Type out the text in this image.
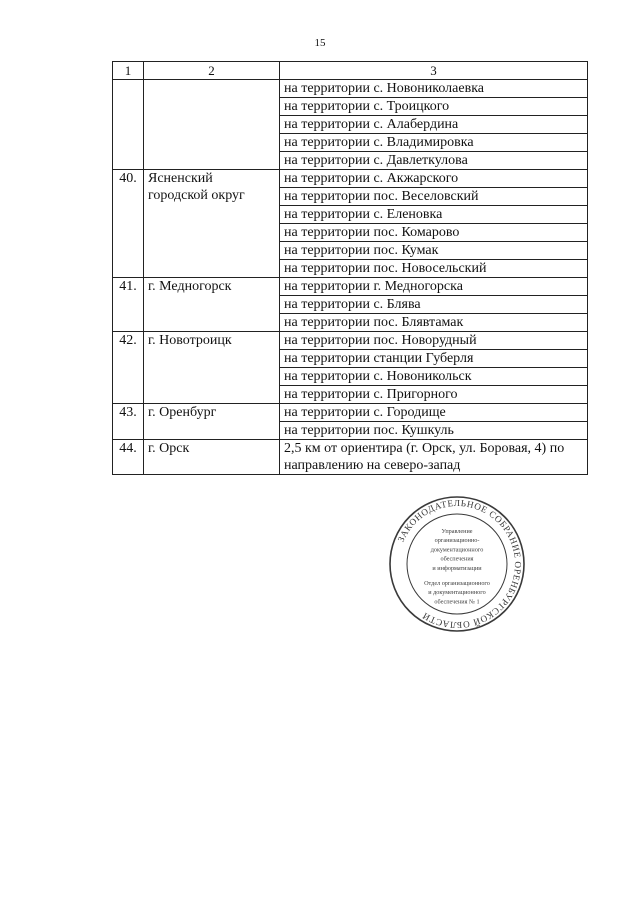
15
1	2	3
		на территории с. Новониколаевка
		на территории с. Троицкого
		на территории с. Алабердина
		на территории с. Владимировка
		на территории с. Давлеткулова
40.	Ясненский городской округ	на территории с. Акжарского
		на территории пос. Веселовский
		на территории с. Еленовка
		на территории пос. Комарово
		на территории пос. Кумак
		на территории пос. Новосельский
41.	г. Медногорск	на территории г. Медногорска
		на территории с. Блява
		на территории пос. Блявтамак
42.	г. Новотроицк	на территории пос. Новорудный
		на территории станции Губерля
		на территории с. Новоникольск
		на территории с. Пригорного
43.	г. Оренбург	на территории с. Городище
		на территории пос. Кушкуль
44.	г. Орск	2,5 км от ориентира (г. Орск, ул. Боровая, 4) по направлению на северо-запад
ЗАКОНОДАТЕЛЬНОЕ СОБРАНИЕ ОРЕНБУРГСКОЙ ОБЛАСТИ
Управление
организационно-
документационного
обеспечения
и информатизации
Отдел организационного
и документационного
обеспечения № 1
